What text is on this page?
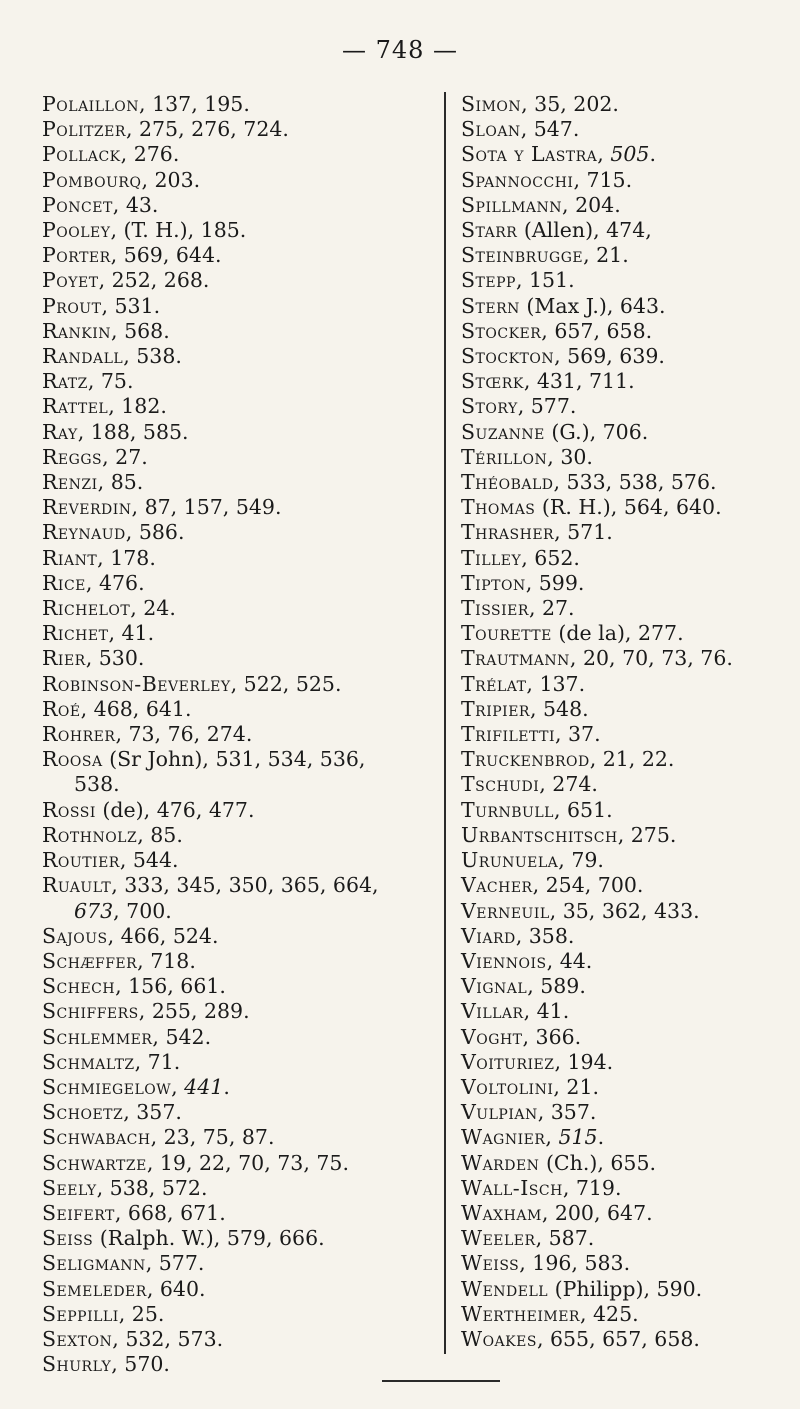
— 748 —
Polaillon, 137, 195.
Politzer, 275, 276, 724.
Pollack, 276.
Pombourq, 203.
Poncet, 43.
Pooley, (T. H.), 185.
Porter, 569, 644.
Poyet, 252, 268.
Prout, 531.
Rankin, 568.
Randall, 538.
Ratz, 75.
Rattel, 182.
Ray, 188, 585.
Reggs, 27.
Renzi, 85.
Reverdin, 87, 157, 549.
Reynaud, 586.
Riant, 178.
Rice, 476.
Richelot, 24.
Richet, 41.
Rier, 530.
Robinson-Beverley, 522, 525.
Roé, 468, 641.
Rohrer, 73, 76, 274.
Roosa (Sr John), 531, 534, 536,
538.
Rossi (de), 476, 477.
Rothnolz, 85.
Routier, 544.
Ruault, 333, 345, 350, 365, 664,
673, 700.
Sajous, 466, 524.
Schæffer, 718.
Schech, 156, 661.
Schiffers, 255, 289.
Schlemmer, 542.
Schmaltz, 71.
Schmiegelow, 441.
Schoetz, 357.
Schwabach, 23, 75, 87.
Schwartze, 19, 22, 70, 73, 75.
Seely, 538, 572.
Seifert, 668, 671.
Seiss (Ralph. W.), 579, 666.
Seligmann, 577.
Semeleder, 640.
Seppilli, 25.
Sexton, 532, 573.
Shurly, 570.
Simon, 35, 202.
Sloan, 547.
Sota y Lastra, 505.
Spannocchi, 715.
Spillmann, 204.
Starr (Allen), 474,
Steinbrugge, 21.
Stepp, 151.
Stern (Max J.), 643.
Stocker, 657, 658.
Stockton, 569, 639.
Stœrk, 431, 711.
Story, 577.
Suzanne (G.), 706.
Térillon, 30.
Théobald, 533, 538, 576.
Thomas (R. H.), 564, 640.
Thrasher, 571.
Tilley, 652.
Tipton, 599.
Tissier, 27.
Tourette (de la), 277.
Trautmann, 20, 70, 73, 76.
Trélat, 137.
Tripier, 548.
Trifiletti, 37.
Truckenbrod, 21, 22.
Tschudi, 274.
Turnbull, 651.
Urbantschitsch, 275.
Urunuela, 79.
Vacher, 254, 700.
Verneuil, 35, 362, 433.
Viard, 358.
Viennois, 44.
Vignal, 589.
Villar, 41.
Voght, 366.
Voituriez, 194.
Voltolini, 21.
Vulpian, 357.
Wagnier, 515.
Warden (Ch.), 655.
Wall-Isch, 719.
Waxham, 200, 647.
Weeler, 587.
Weiss, 196, 583.
Wendell (Philipp), 590.
Wertheimer, 425.
Woakes, 655, 657, 658.
